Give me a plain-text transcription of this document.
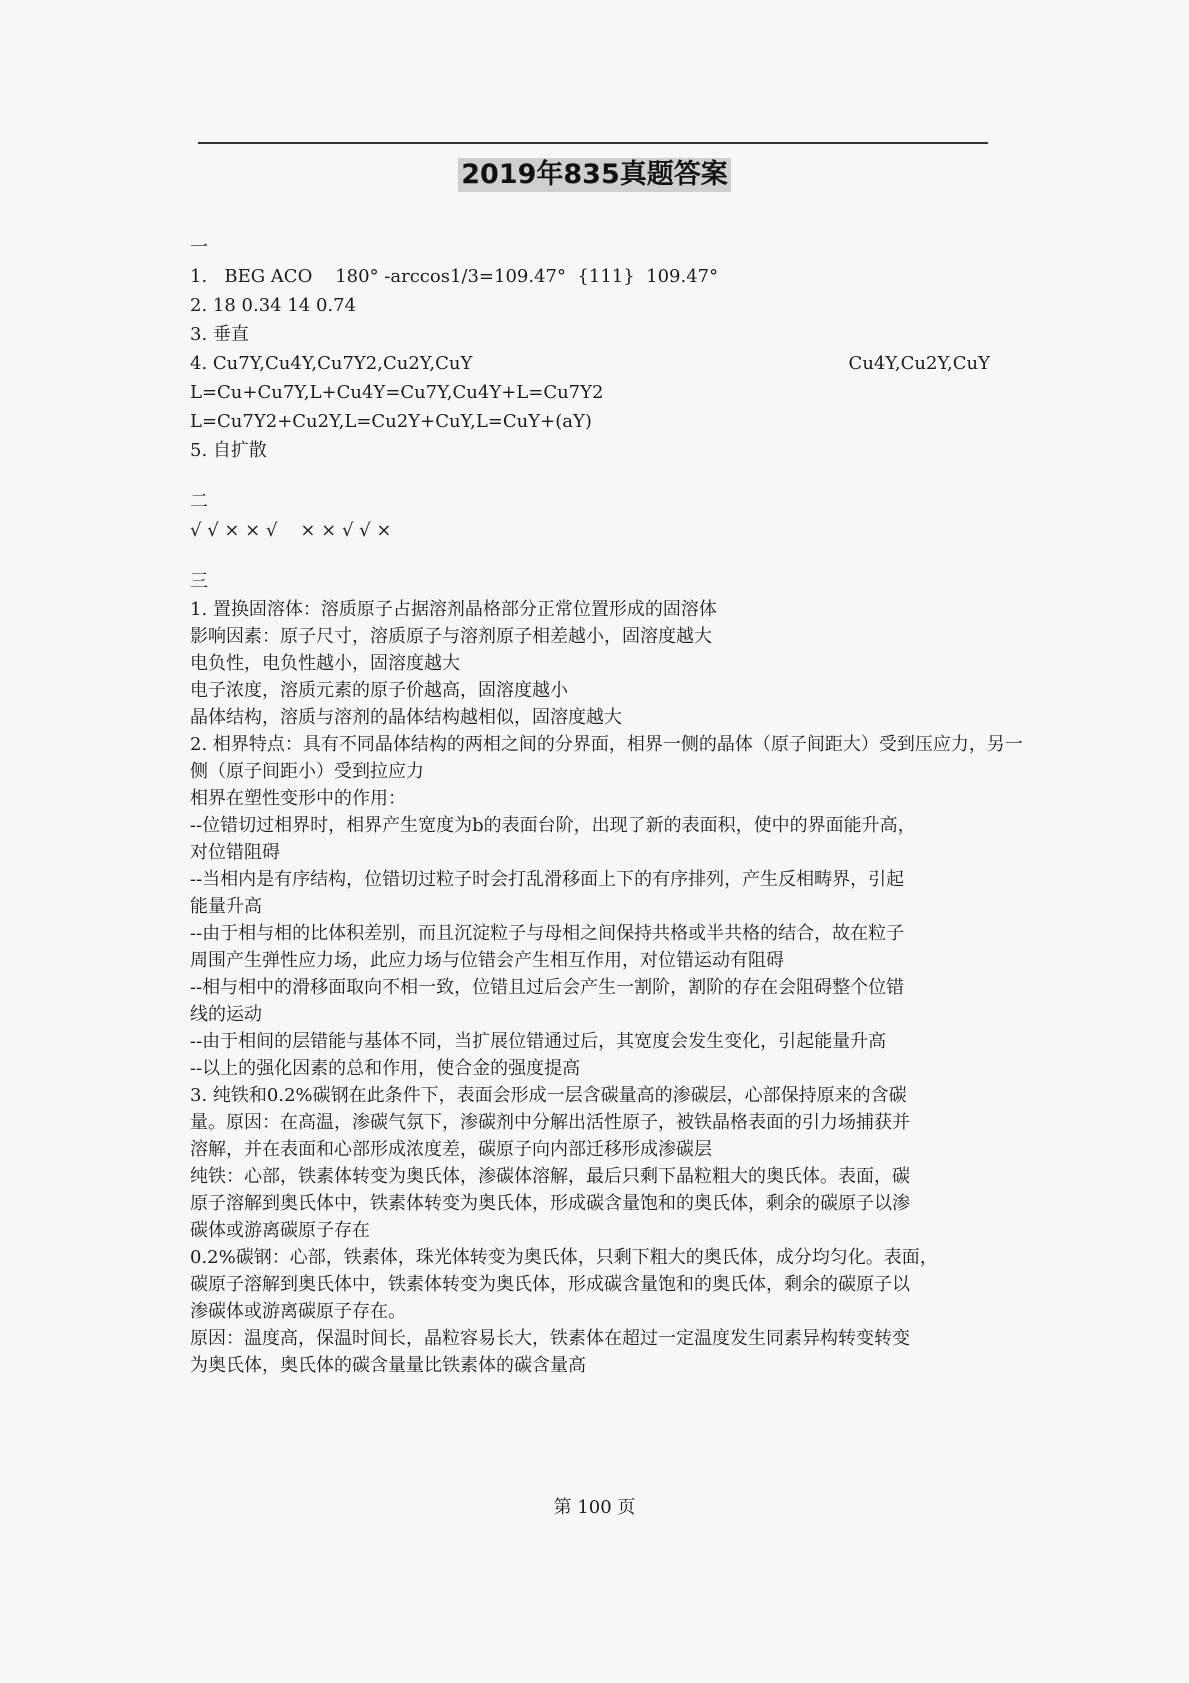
2019年835真题答案
一
1.   BEG ACO    180° -arccos1/3=109.47°  {111}  109.47°
2. 18 0.34 14 0.74
3. 垂直
4. Cu7Y,Cu4Y,Cu7Y2,Cu2Y,CuY	Cu4Y,Cu2Y,CuY
L=Cu+Cu7Y,L+Cu4Y=Cu7Y,Cu4Y+L=Cu7Y2
L=Cu7Y2+Cu2Y,L=Cu2Y+CuY,L=CuY+(aY)
5. 自扩散
二
√ √ × × √    × × √ √ ×
三
1. 置换固溶体：溶质原子占据溶剂晶格部分正常位置形成的固溶体
影响因素：原子尺寸，溶质原子与溶剂原子相差越小，固溶度越大
电负性，电负性越小，固溶度越大
电子浓度，溶质元素的原子价越高，固溶度越小
晶体结构，溶质与溶剂的晶体结构越相似，固溶度越大
2. 相界特点：具有不同晶体结构的两相之间的分界面，相界一侧的晶体（原子间距大）受到压应力，另一
侧（原子间距小）受到拉应力
相界在塑性变形中的作用：
--位错切过相界时，相界产生宽度为b的表面台阶，出现了新的表面积，使中的界面能升高，
对位错阻碍
--当相内是有序结构，位错切过粒子时会打乱滑移面上下的有序排列，产生反相畴界，引起
能量升高
--由于相与相的比体积差别，而且沉淀粒子与母相之间保持共格或半共格的结合，故在粒子
周围产生弹性应力场，此应力场与位错会产生相互作用，对位错运动有阻碍
--相与相中的滑移面取向不相一致，位错且过后会产生一割阶，割阶的存在会阻碍整个位错
线的运动
--由于相间的层错能与基体不同，当扩展位错通过后，其宽度会发生变化，引起能量升高
--以上的强化因素的总和作用，使合金的强度提高
3. 纯铁和0.2%碳钢在此条件下，表面会形成一层含碳量高的渗碳层，心部保持原来的含碳
量。原因：在高温，渗碳气氛下，渗碳剂中分解出活性原子，被铁晶格表面的引力场捕获并
溶解，并在表面和心部形成浓度差，碳原子向内部迁移形成渗碳层
纯铁：心部，铁素体转变为奥氏体，渗碳体溶解，最后只剩下晶粒粗大的奥氏体。表面，碳
原子溶解到奥氏体中，铁素体转变为奥氏体，形成碳含量饱和的奥氏体，剩余的碳原子以渗
碳体或游离碳原子存在
0.2%碳钢：心部，铁素体，珠光体转变为奥氏体，只剩下粗大的奥氏体，成分均匀化。表面，
碳原子溶解到奥氏体中，铁素体转变为奥氏体，形成碳含量饱和的奥氏体，剩余的碳原子以
渗碳体或游离碳原子存在。
原因：温度高，保温时间长，晶粒容易长大，铁素体在超过一定温度发生同素异构转变转变
为奥氏体，奥氏体的碳含量量比铁素体的碳含量高
第 100 页
